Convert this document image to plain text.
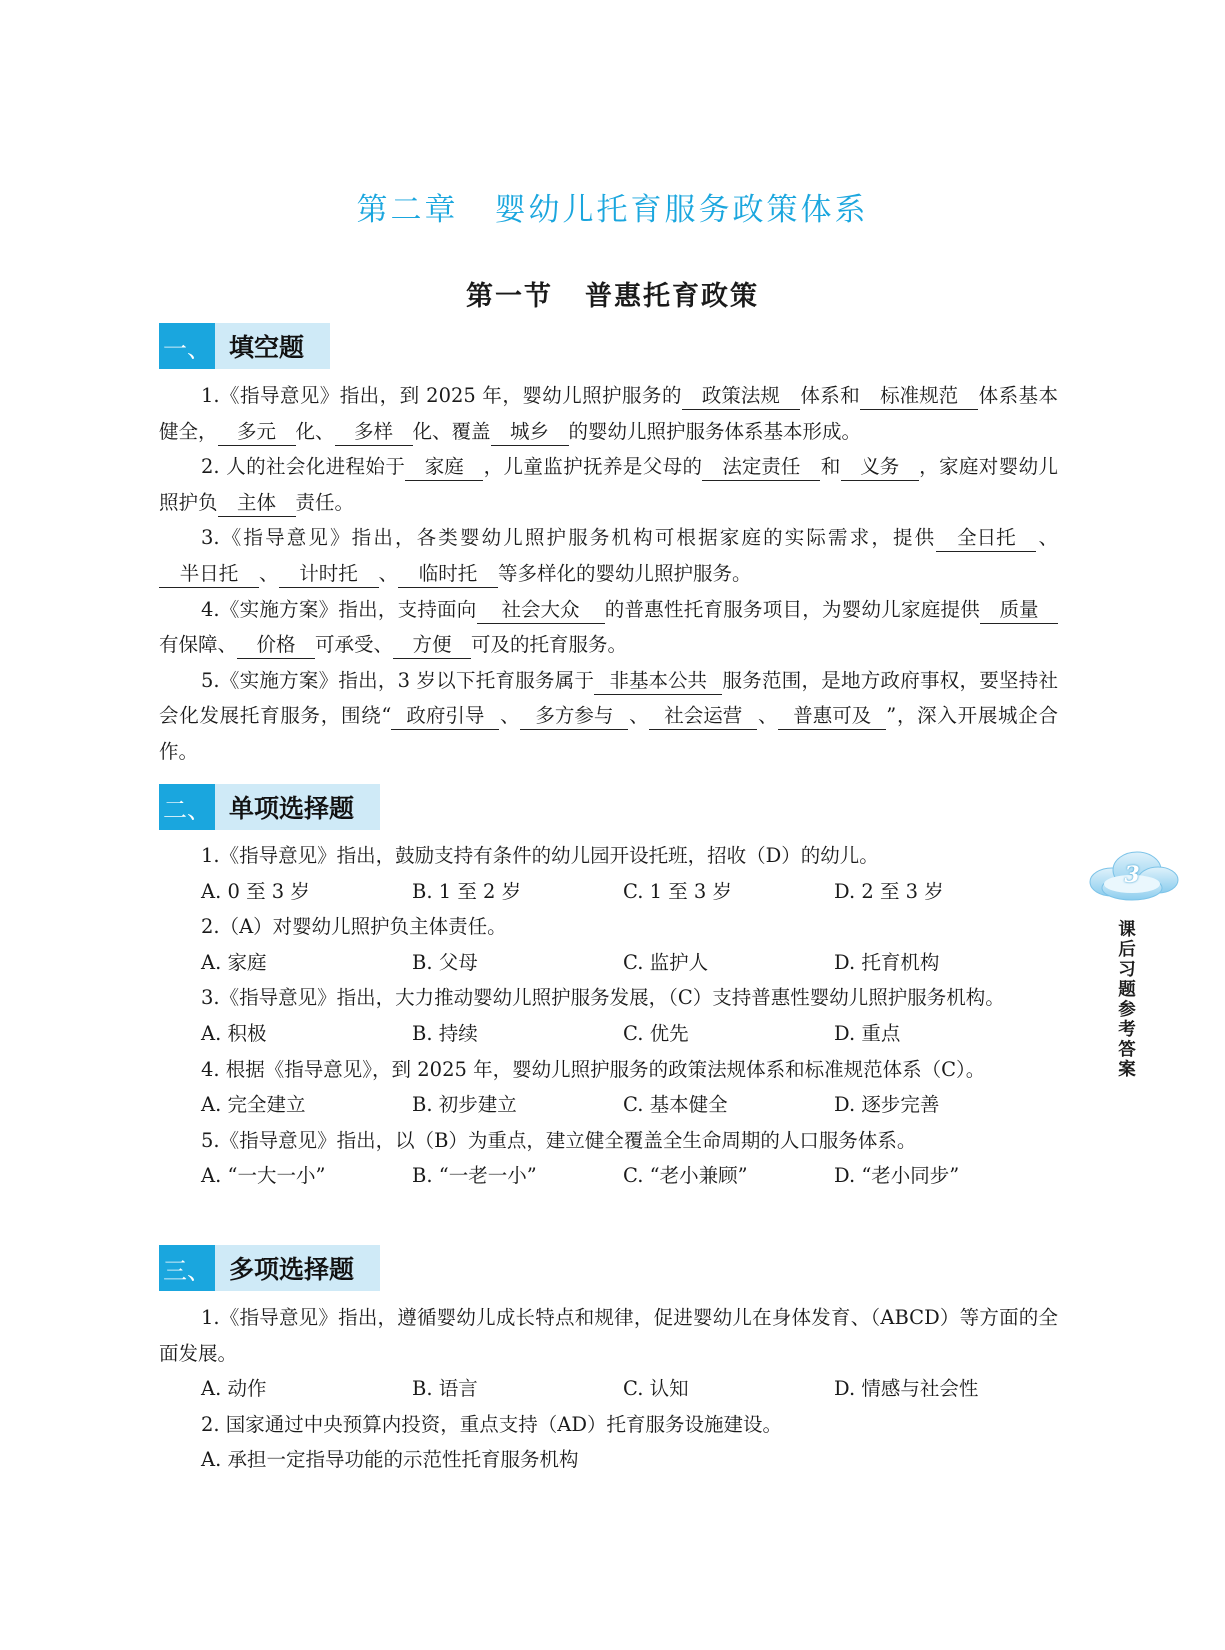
第二章 婴幼儿托育服务政策体系
第一节 普惠托育政策
一、 填空题
1.《指导意见》指出，到 2025 年，婴幼儿照护服务的 政策法规 体系和 标准规范 体系基本健全， 多元 化、 多样 化、覆盖 城乡 的婴幼儿照护服务体系基本形成。
2. 人的社会化进程始于 家庭 ，儿童监护抚养是父母的 法定责任 和 义务 ，家庭对婴幼儿照护负 主体 责任。
3.《指导意见》指出，各类婴幼儿照护服务机构可根据家庭的实际需求，提供 全日托 、半日托 、 计时托 、 临时托 等多样化的婴幼儿照护服务。
4.《实施方案》指出，支持面向 社会大众 的普惠性托育服务项目，为婴幼儿家庭提供 质量有保障、 价格 可承受、 方便 可及的托育服务。
5.《实施方案》指出，3 岁以下托育服务属于 非基本公共 服务范围，是地方政府事权，要坚持社会化发展托育服务，围绕“ 政府引导 、 多方参与 、 社会运营 、 普惠可及 ”，深入开展城企合作。
二、 单项选择题
1.《指导意见》指出，鼓励支持有条件的幼儿园开设托班，招收（D）的幼儿。
A. 0 至 3 岁	B. 1 至 2 岁	C. 1 至 3 岁	D. 2 至 3 岁
2.（A）对婴幼儿照护负主体责任。
A. 家庭	B. 父母	C. 监护人	D. 托育机构
3.《指导意见》指出，大力推动婴幼儿照护服务发展，（C）支持普惠性婴幼儿照护服务机构。
A. 积极	B. 持续	C. 优先	D. 重点
4. 根据《指导意见》，到 2025 年，婴幼儿照护服务的政策法规体系和标准规范体系（C）。
A. 完全建立	B. 初步建立	C. 基本健全	D. 逐步完善
5.《指导意见》指出，以（B）为重点，建立健全覆盖全生命周期的人口服务体系。
A. “一大一小”	B. “一老一小”	C. “老小兼顾”	D. “老小同步”
三、 多项选择题
1.《指导意见》指出，遵循婴幼儿成长特点和规律，促进婴幼儿在身体发育、（ABCD）等方面的全面发展。
A. 动作	B. 语言	C. 认知	D. 情感与社会性
2. 国家通过中央预算内投资，重点支持（AD）托育服务设施建设。
A. 承担一定指导功能的示范性托育服务机构
3
课后习题参考答案
